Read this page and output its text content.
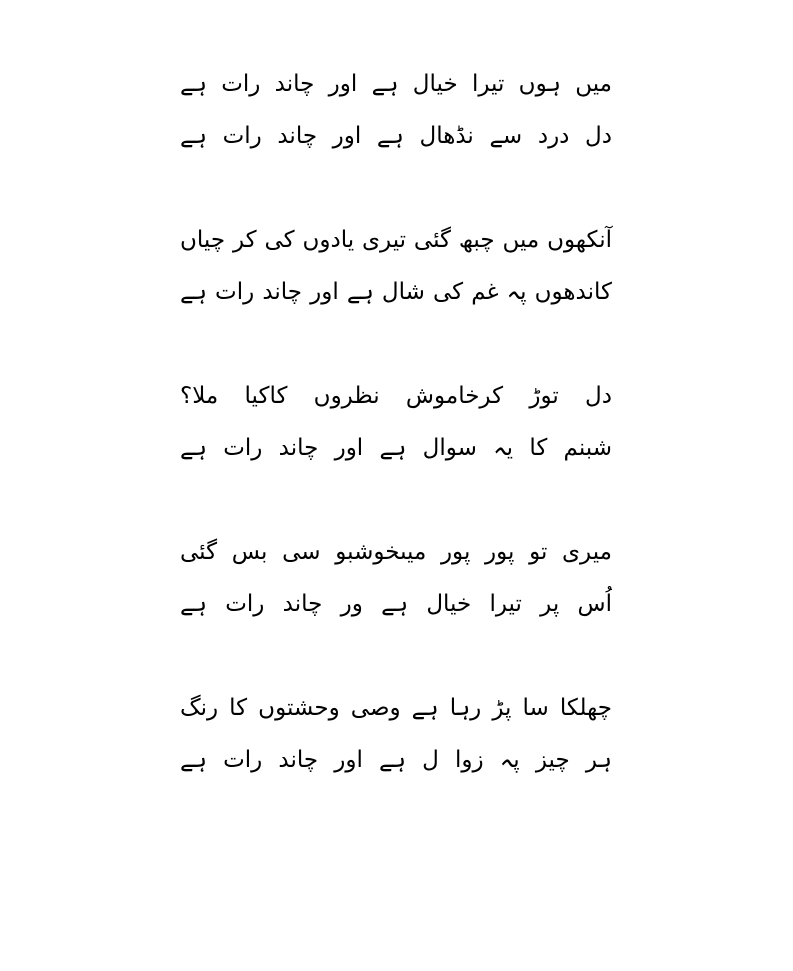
میں ہوں تیرا خیال ہے اور چاند رات ہے
دل درد سے نڈھال ہے اور چاند رات ہے
آنکھوں میں چبھ گئی تیری یادوں کی کر چیاں
کاندھوں پہ غم کی شال ہے اور چاند رات ہے
دل توڑ کرخاموش نظروں کاکیا ملا؟
شبنم کا یہ سوال ہے اور چاند رات ہے
میری تو پور پور میںخوشبو سی بس گئی
اُس پر تیرا خیال ہے ور چاند رات ہے
چھلکا سا پڑ رہا ہے وصی وحشتوں کا رنگ
ہر چیز پہ زوا ل ہے اور چاند رات ہے
